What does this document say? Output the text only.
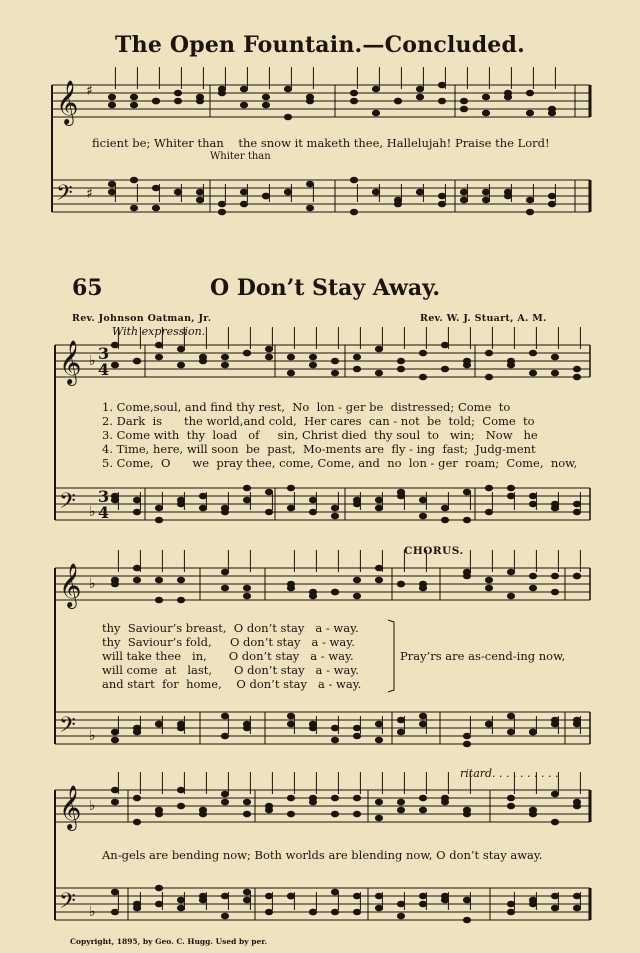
The Open Fountain.—Concluded.
65	O Don’t Stay Away.
Rev. Johnson Oatman, Jr.	Rev. W. J. Stuart, A. M.
With expression.
CHORUS.
ritard. . . . . . . . . .
Copyright, 1895, by Geo. C. Hugg. Used by per.
ficient be; Whiter than    the snow it maketh thee, Hallelujah! Praise the Lord!
Whiter than
1. Come,soul, and find thy rest,  No  lon - ger be  distressed; Come  to
2. Dark  is      the world,and cold,  Her cares  can - not  be  told;  Come  to
3. Come with  thy  load   of     sin, Christ died  thy soul  to   win;   Now   he
4. Time, here, will soon  be  past,  Mo-ments are  fly - ing  fast;  Judg-ment
5. Come,  O      we  pray thee, come, Come, and  no  lon - ger  roam;  Come,  now,
thy  Saviour’s breast,  O don’t stay   a - way.
thy  Saviour’s fold,     O don’t stay   a - way.
will take thee   in,      O don’t stay   a - way.
will come  at   last,      O don’t stay   a - way.
and start  for  home,    O don’t stay   a - way.
Pray’rs are as-cend-ing now,
An-gels are bending now; Both worlds are blending now, O don’t stay away.
𝄞
𝄢
♯
♯
𝄞
𝄢
♭
♭
𝄞
𝄢
♭
♭
𝄞
𝄢
♭
♭
3
4
3
4
